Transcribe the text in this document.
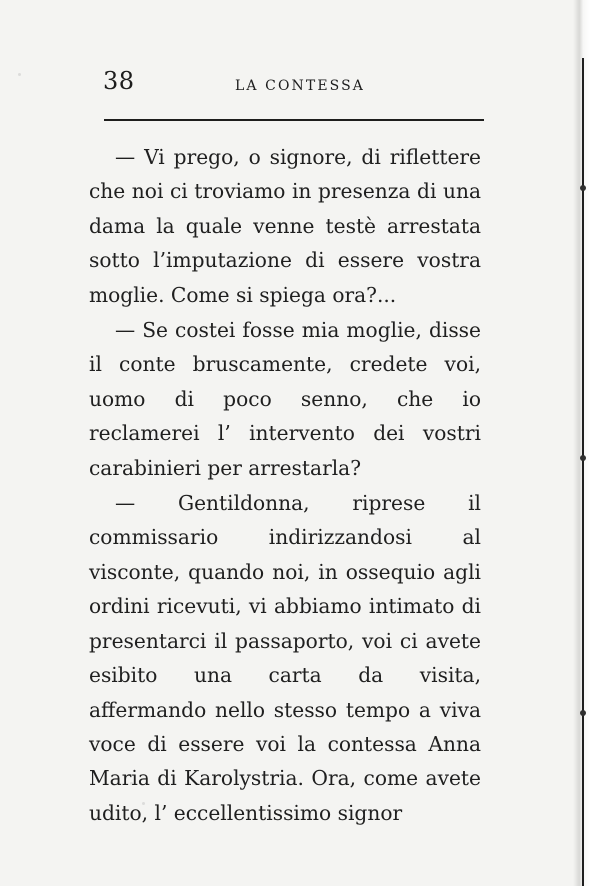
38	LA CONTESSA

— Vi prego, o signore, di riflettere che noi ci troviamo in presenza di una dama la quale venne testè arrestata sotto l’imputazione di essere vostra moglie. Come si spiega ora?...

— Se costei fosse mia moglie, disse il conte bruscamente, credete voi, uomo di poco senno, che io reclamerei l’ intervento dei vostri carabinieri per arrestarla?

— Gentildonna, riprese il commissario indirizzandosi al visconte, quando noi, in ossequio agli ordini ricevuti, vi abbiamo intimato di presentarci il passaporto, voi ci avete esibito una carta da visita, affermando nello stesso tempo a viva voce di essere voi la contessa Anna Maria di Karolystria. Ora, come avete udito, l’ eccellentissimo signor
